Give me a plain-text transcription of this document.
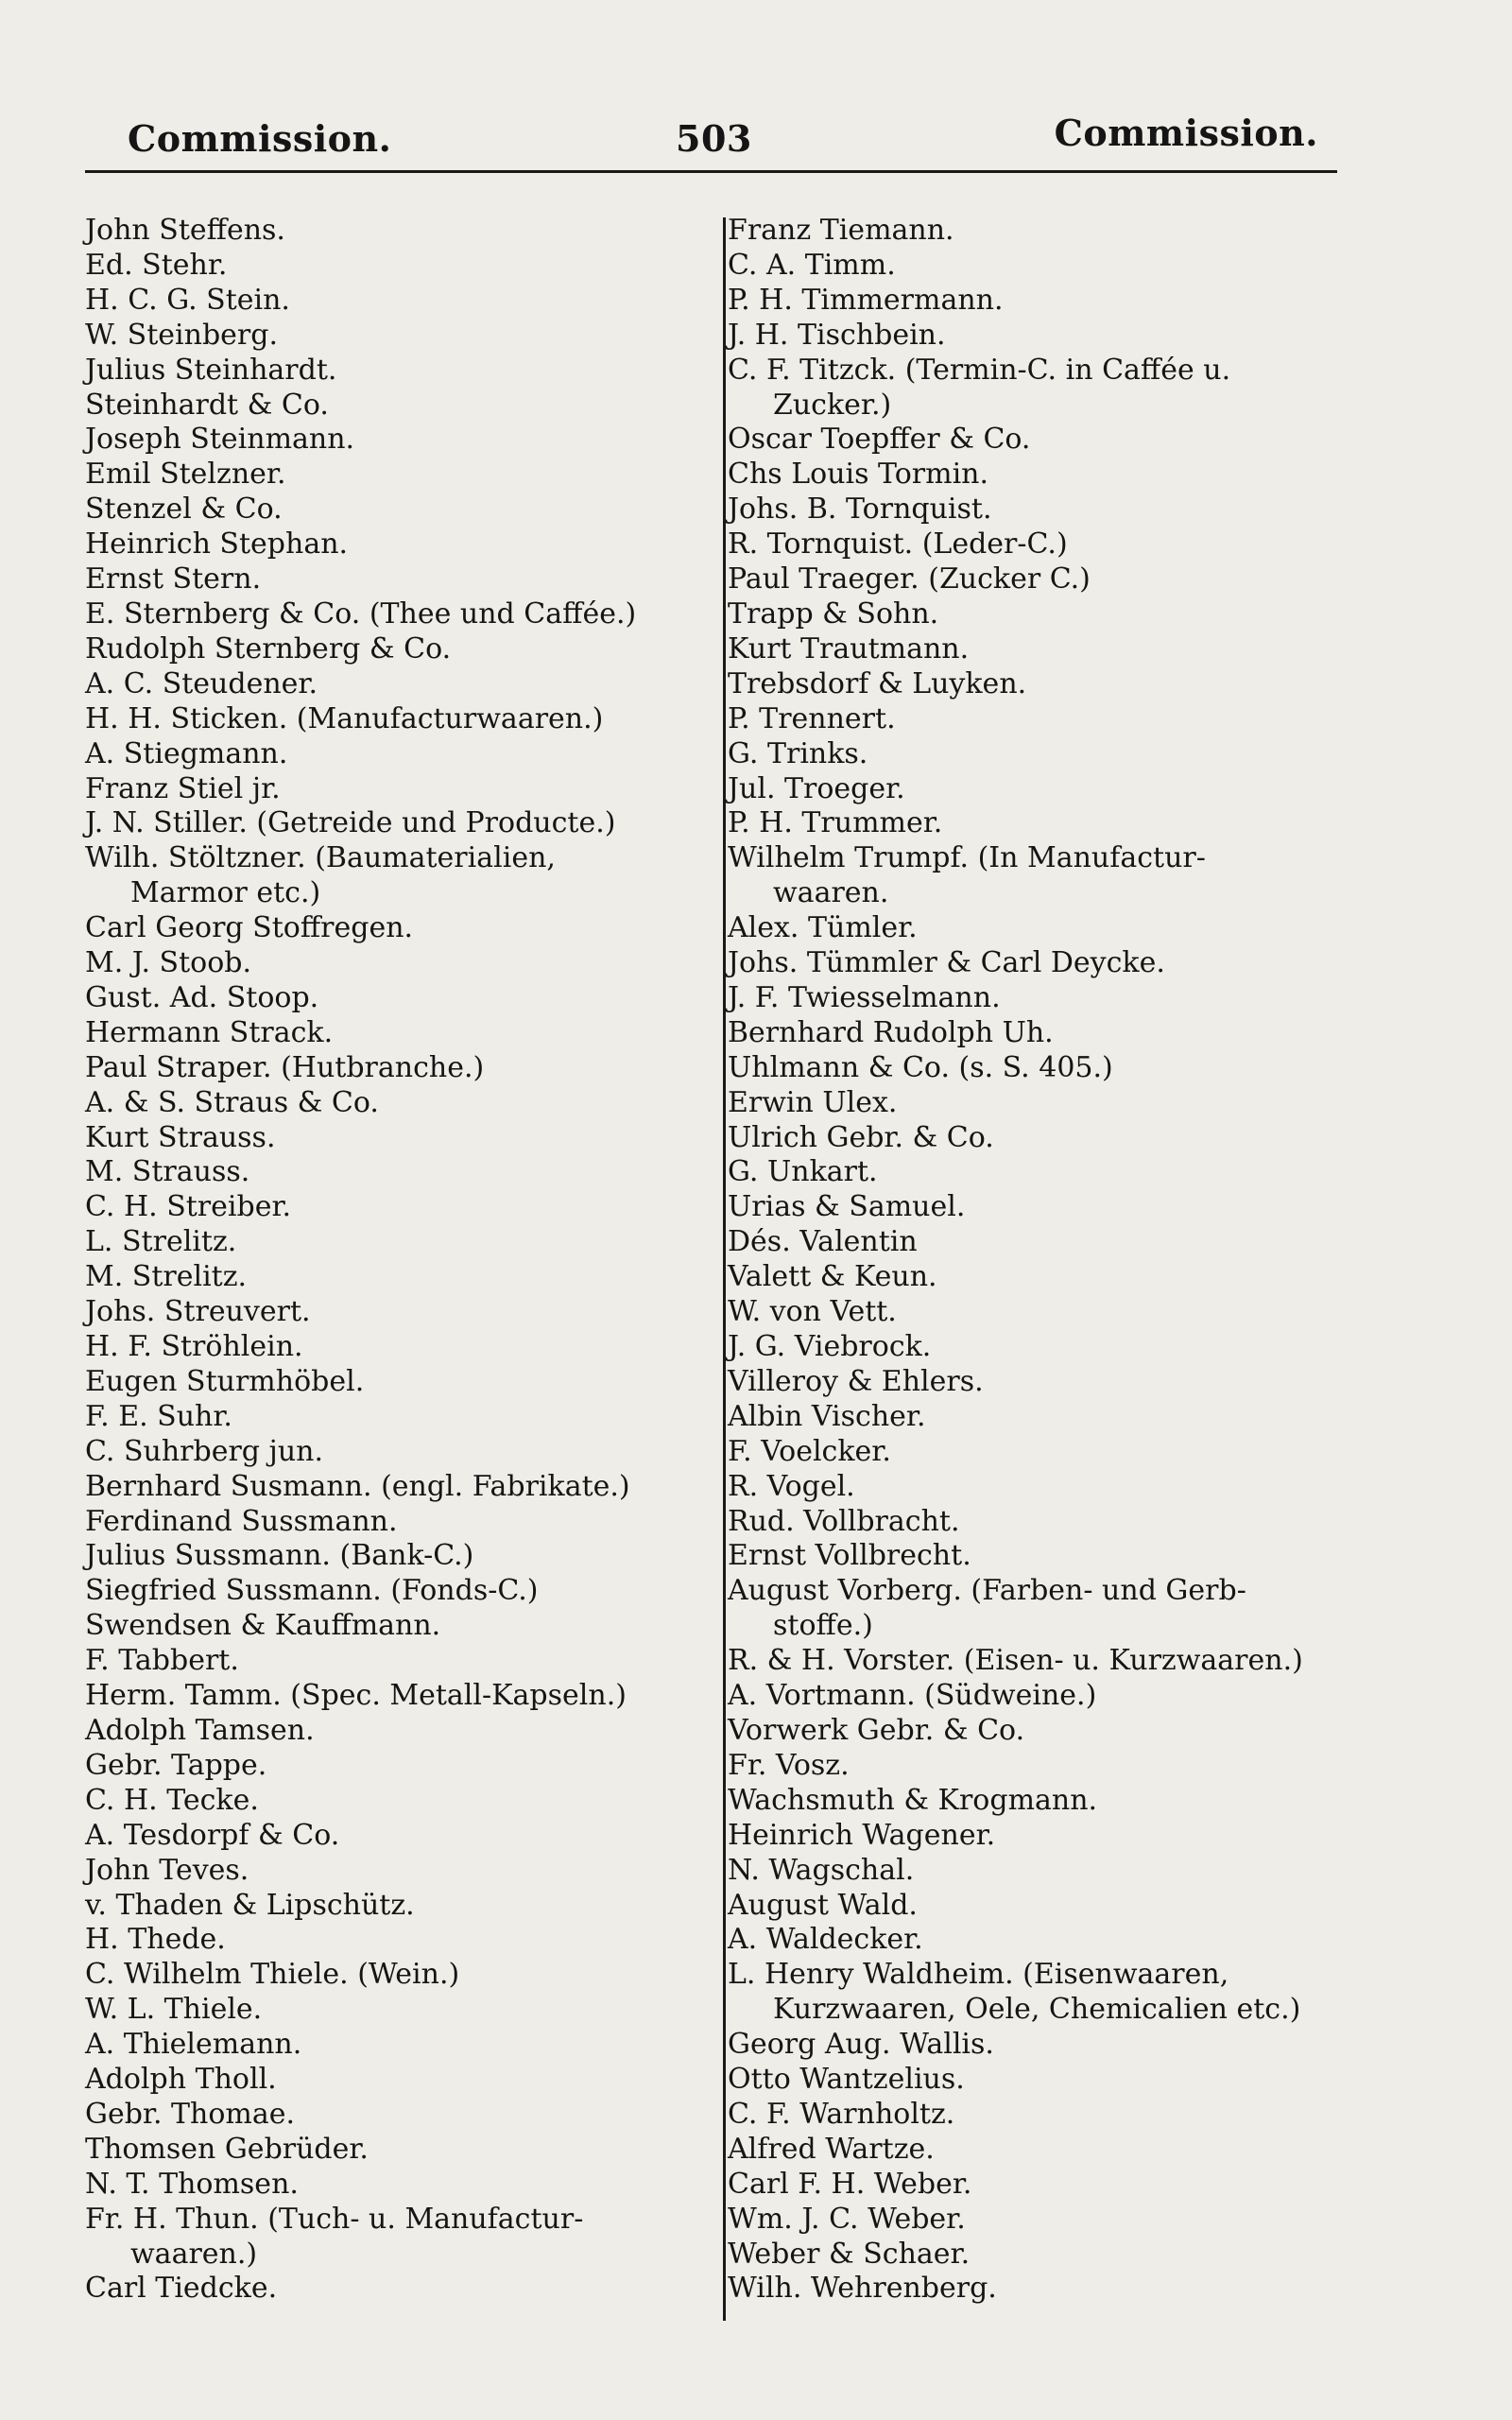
Commission.	503	Commission.
John Steffens.
Ed. Stehr.
H. C. G. Stein.
W. Steinberg.
Julius Steinhardt.
Steinhardt & Co.
Joseph Steinmann.
Emil Stelzner.
Stenzel & Co.
Heinrich Stephan.
Ernst Stern.
E. Sternberg & Co. (Thee und Caffée.)
Rudolph Sternberg & Co.
A. C. Steudener.
H. H. Sticken. (Manufacturwaaren.)
A. Stiegmann.
Franz Stiel jr.
J. N. Stiller. (Getreide und Producte.)
Wilh. Stöltzner. (Baumaterialien,
Marmor etc.)
Carl Georg Stoffregen.
M. J. Stoob.
Gust. Ad. Stoop.
Hermann Strack.
Paul Straper. (Hutbranche.)
A. & S. Straus & Co.
Kurt Strauss.
M. Strauss.
C. H. Streiber.
L. Strelitz.
M. Strelitz.
Johs. Streuvert.
H. F. Ströhlein.
Eugen Sturmhöbel.
F. E. Suhr.
C. Suhrberg jun.
Bernhard Susmann. (engl. Fabrikate.)
Ferdinand Sussmann.
Julius Sussmann. (Bank-C.)
Siegfried Sussmann. (Fonds-C.)
Swendsen & Kauffmann.
F. Tabbert.
Herm. Tamm. (Spec. Metall-Kapseln.)
Adolph Tamsen.
Gebr. Tappe.
C. H. Tecke.
A. Tesdorpf & Co.
John Teves.
v. Thaden & Lipschütz.
H. Thede.
C. Wilhelm Thiele. (Wein.)
W. L. Thiele.
A. Thielemann.
Adolph Tholl.
Gebr. Thomae.
Thomsen Gebrüder.
N. T. Thomsen.
Fr. H. Thun. (Tuch- u. Manufactur-
waaren.)
Carl Tiedcke.
Franz Tiemann.
C. A. Timm.
P. H. Timmermann.
J. H. Tischbein.
C. F. Titzck. (Termin-C. in Caffée u.
Zucker.)
Oscar Toepffer & Co.
Chs Louis Tormin.
Johs. B. Tornquist.
R. Tornquist. (Leder-C.)
Paul Traeger. (Zucker C.)
Trapp & Sohn.
Kurt Trautmann.
Trebsdorf & Luyken.
P. Trennert.
G. Trinks.
Jul. Troeger.
P. H. Trummer.
Wilhelm Trumpf. (In Manufactur-
waaren.
Alex. Tümler.
Johs. Tümmler & Carl Deycke.
J. F. Twiesselmann.
Bernhard Rudolph Uh.
Uhlmann & Co. (s. S. 405.)
Erwin Ulex.
Ulrich Gebr. & Co.
G. Unkart.
Urias & Samuel.
Dés. Valentin
Valett & Keun.
W. von Vett.
J. G. Viebrock.
Villeroy & Ehlers.
Albin Vischer.
F. Voelcker.
R. Vogel.
Rud. Vollbracht.
Ernst Vollbrecht.
August Vorberg. (Farben- und Gerb-
stoffe.)
R. & H. Vorster. (Eisen- u. Kurzwaaren.)
A. Vortmann. (Südweine.)
Vorwerk Gebr. & Co.
Fr. Vosz.
Wachsmuth & Krogmann.
Heinrich Wagener.
N. Wagschal.
August Wald.
A. Waldecker.
L. Henry Waldheim. (Eisenwaaren,
Kurzwaaren, Oele, Chemicalien etc.)
Georg Aug. Wallis.
Otto Wantzelius.
C. F. Warnholtz.
Alfred Wartze.
Carl F. H. Weber.
Wm. J. C. Weber.
Weber & Schaer.
Wilh. Wehrenberg.
